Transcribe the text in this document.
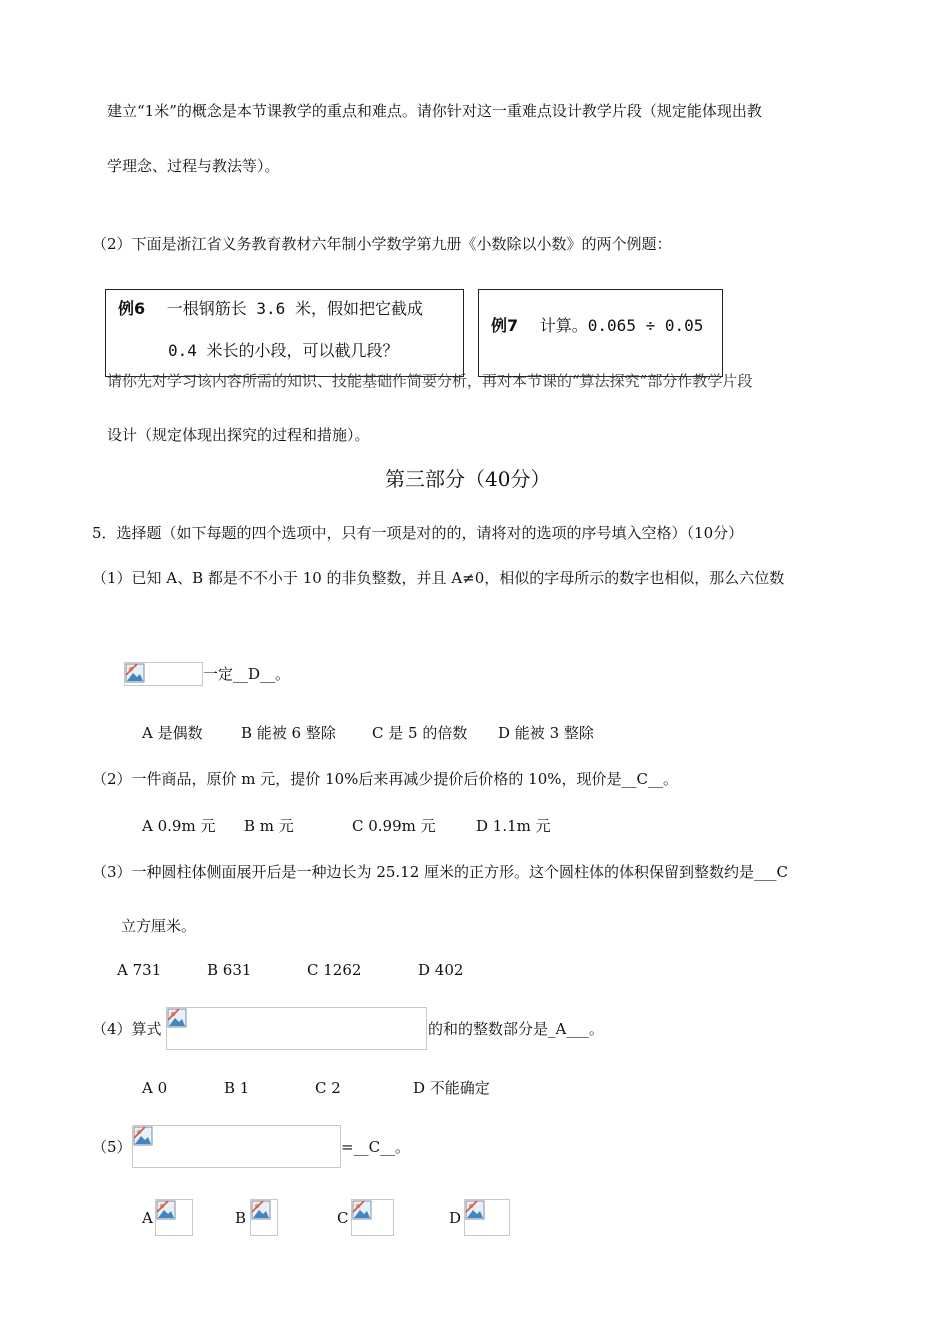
建立“1米”的概念是本节课教学的重点和难点。请你针对这一重难点设计教学片段（规定能体现出教
学理念、过程与教法等）。
（2）下面是浙江省义务教育教材六年制小学数学第九册《小数除以小数》的两个例题：
例6 一根钢筋长 3.6 米，假如把它截成
0.4 米长的小段，可以截几段？
例7 计算。0.065 ÷ 0.05
请你先对学习该内容所需的知识、技能基础作简要分析，再对本节课的“算法探究”部分作教学片段
设计（规定体现出探究的过程和措施）。
第三部分（40分）
5．选择题（如下每题的四个选项中，只有一项是对的的，请将对的选项的序号填入空格）（10分）
（1）已知 A、B 都是不不小于 10 的非负整数，并且 A≠0，相似的字母所示的数字也相似，那么六位数
一定__D__。
A 是偶数	B 能被 6 整除 C 是 5 的倍数 D 能被 3 整除
（2）一件商品，原价 m 元，提价 10%后来再减少提价后价格的 10%，现价是__C__。
A 0.9m 元 B m 元	C 0.99m 元	D 1.1m 元
（3）一种圆柱体侧面展开后是一种边长为 25.12 厘米的正方形。这个圆柱体的体积保留到整数约是___C
立方厘米。
A 731	B 631	C 1262	D 402
（4）算式	的和的整数部分是_A___。
A 0	B 1	C 2	D 不能确定
（5）	=__C__。
A	B	C	D
